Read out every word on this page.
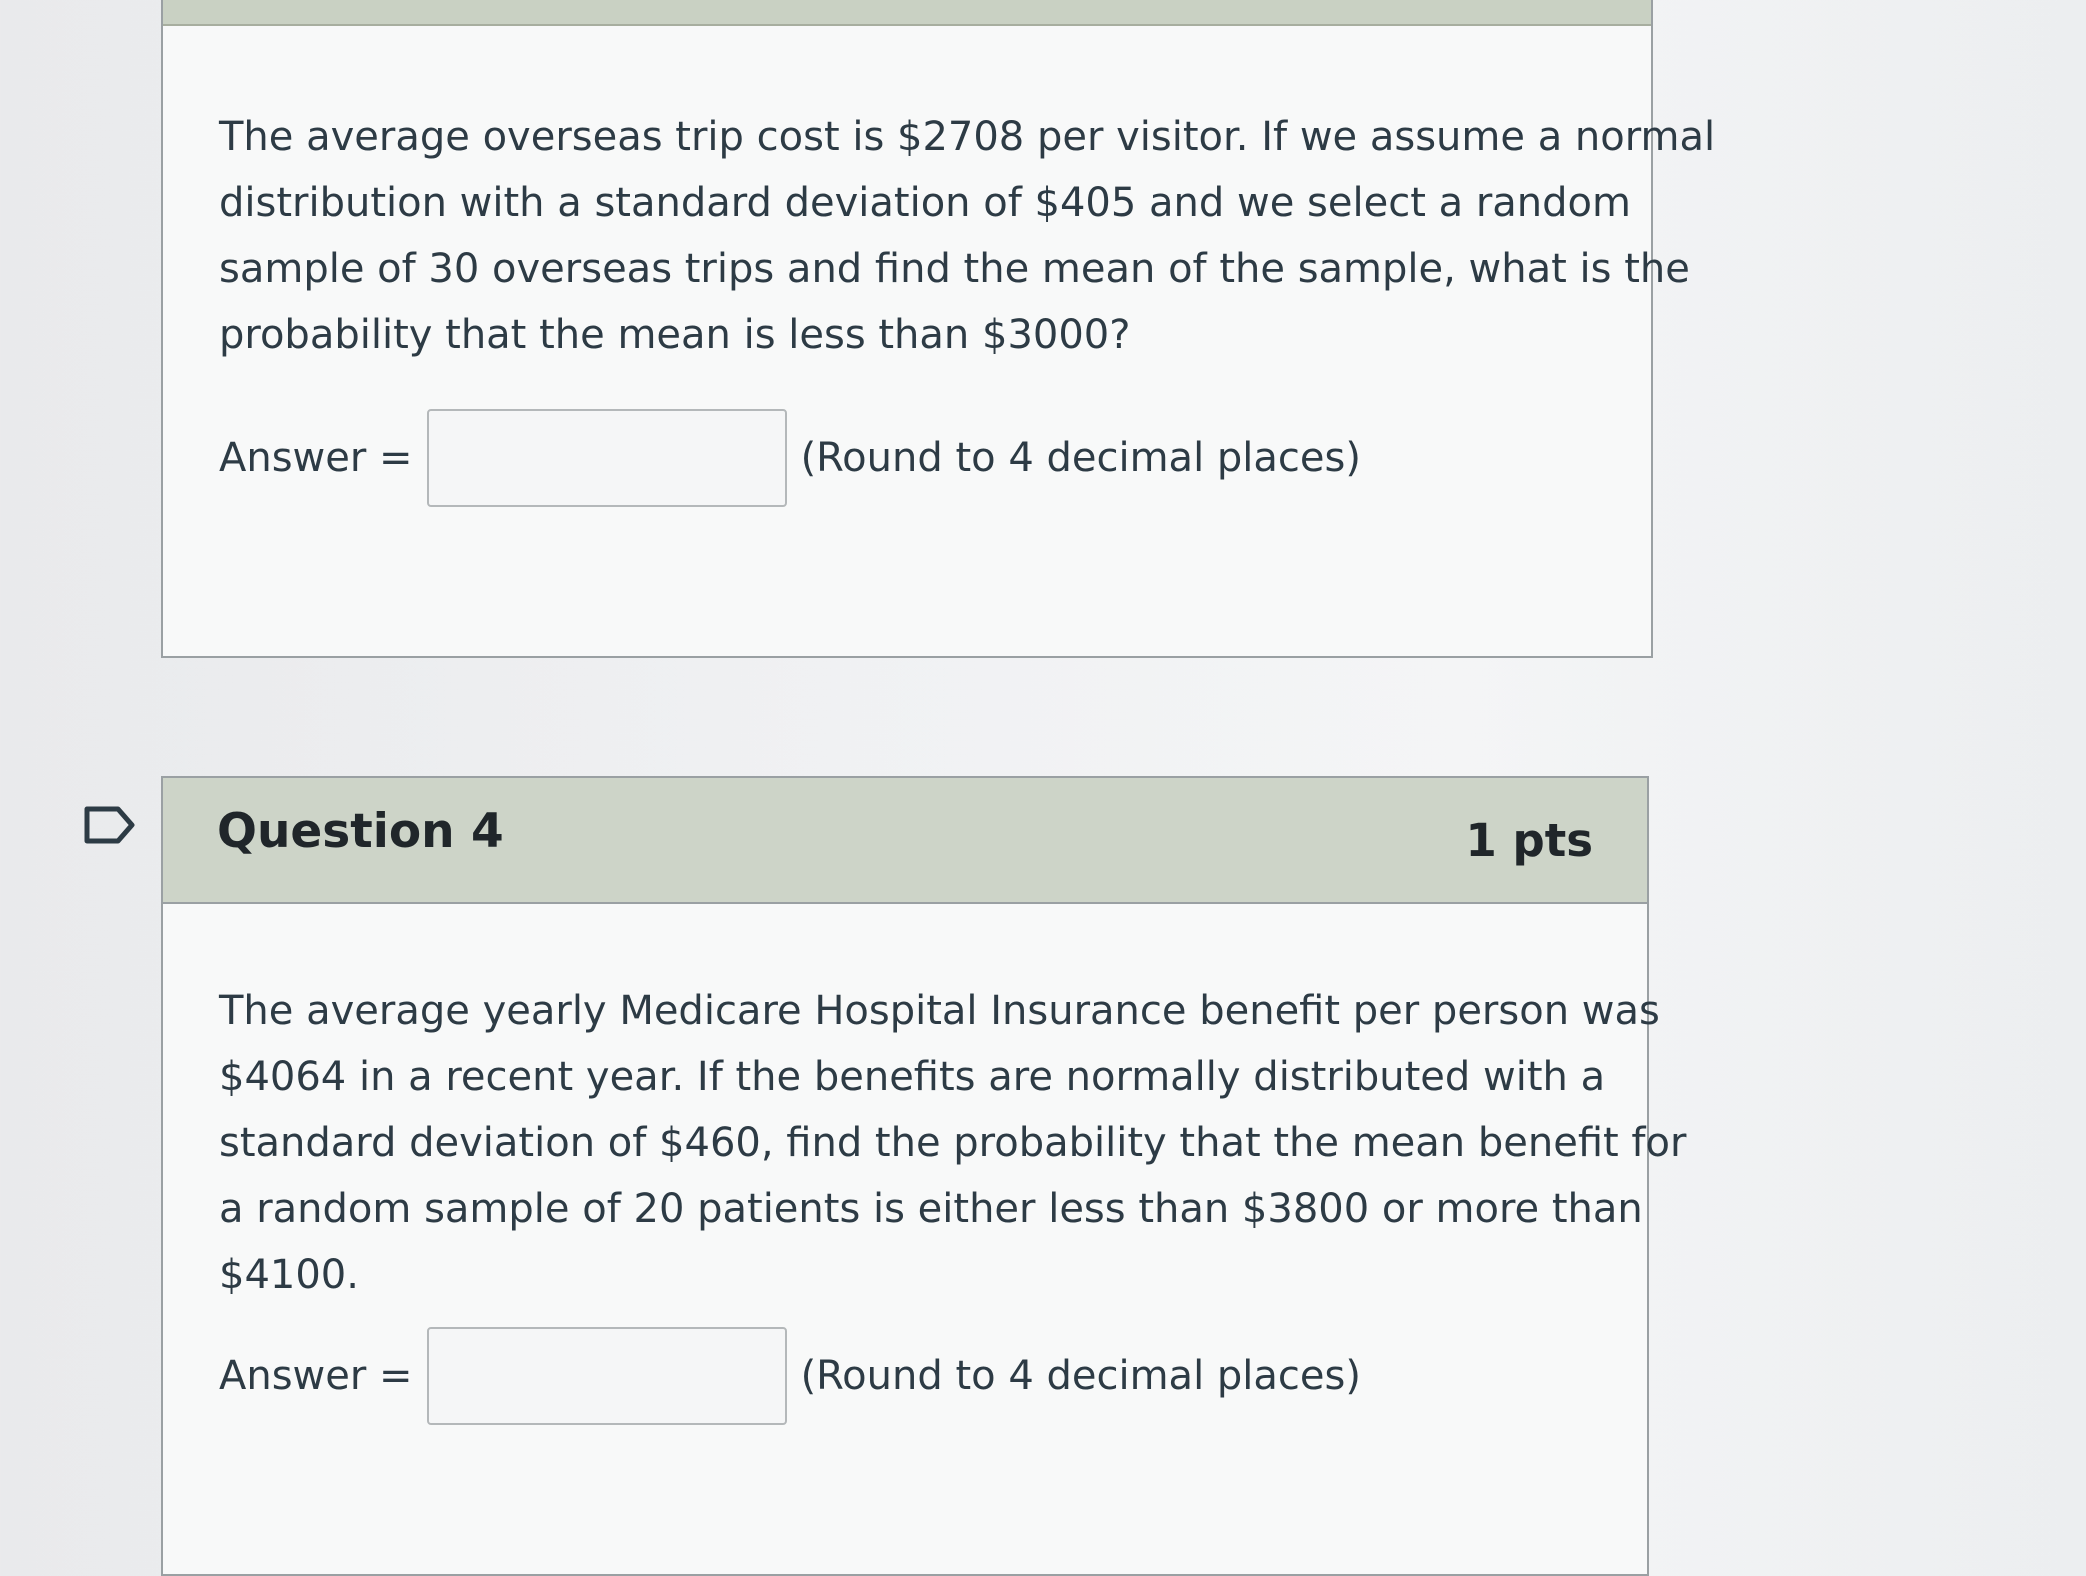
The average overseas trip cost is $2708 per visitor. If we assume a normal

distribution with a standard deviation of $405 and we select a random

sample of 30 overseas trips and find the mean of the sample, what is the

probability that the mean is less than $3000?

Answer =	(Round to 4 decimal places)
Question 4	1 pts

The average yearly Medicare Hospital Insurance benefit per person was

$4064 in a recent year. If the benefits are normally distributed with a

standard deviation of $460, find the probability that the mean benefit for

a random sample of 20 patients is either less than $3800 or more than

$4100.

Answer =	(Round to 4 decimal places)
